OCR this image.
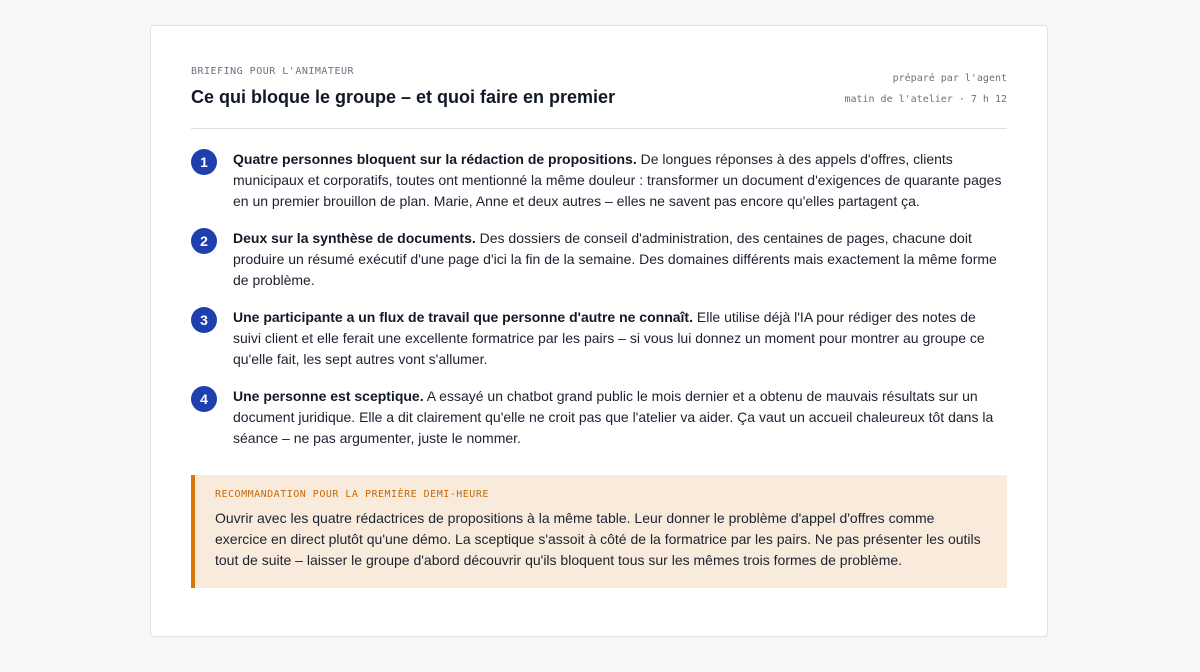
BRIEFING POUR L'ANIMATEUR
Ce qui bloque le groupe – et quoi faire en premier
préparé par l'agent
matin de l'atelier · 7 h 12
1	Quatre personnes bloquent sur la rédaction de propositions. De longues réponses à des appels d'offres, clients municipaux et corporatifs, toutes ont mentionné la même douleur : transformer un document d'exigences de quarante pages en un premier brouillon de plan. Marie, Anne et deux autres – elles ne savent pas encore qu'elles partagent ça.
2	Deux sur la synthèse de documents. Des dossiers de conseil d'administration, des centaines de pages, chacune doit produire un résumé exécutif d'une page d'ici la fin de la semaine. Des domaines différents mais exactement la même forme de problème.
3	Une participante a un flux de travail que personne d'autre ne connaît. Elle utilise déjà l'IA pour rédiger des notes de suivi client et elle ferait une excellente formatrice par les pairs – si vous lui donnez un moment pour montrer au groupe ce qu'elle fait, les sept autres vont s'allumer.
4	Une personne est sceptique. A essayé un chatbot grand public le mois dernier et a obtenu de mauvais résultats sur un document juridique. Elle a dit clairement qu'elle ne croit pas que l'atelier va aider. Ça vaut un accueil chaleureux tôt dans la séance – ne pas argumenter, juste le nommer.
RECOMMANDATION POUR LA PREMIÈRE DEMI-HEURE
Ouvrir avec les quatre rédactrices de propositions à la même table. Leur donner le problème d'appel d'offres comme exercice en direct plutôt qu'une démo. La sceptique s'assoit à côté de la formatrice par les pairs. Ne pas présenter les outils tout de suite – laisser le groupe d'abord découvrir qu'ils bloquent tous sur les mêmes trois formes de problème.
